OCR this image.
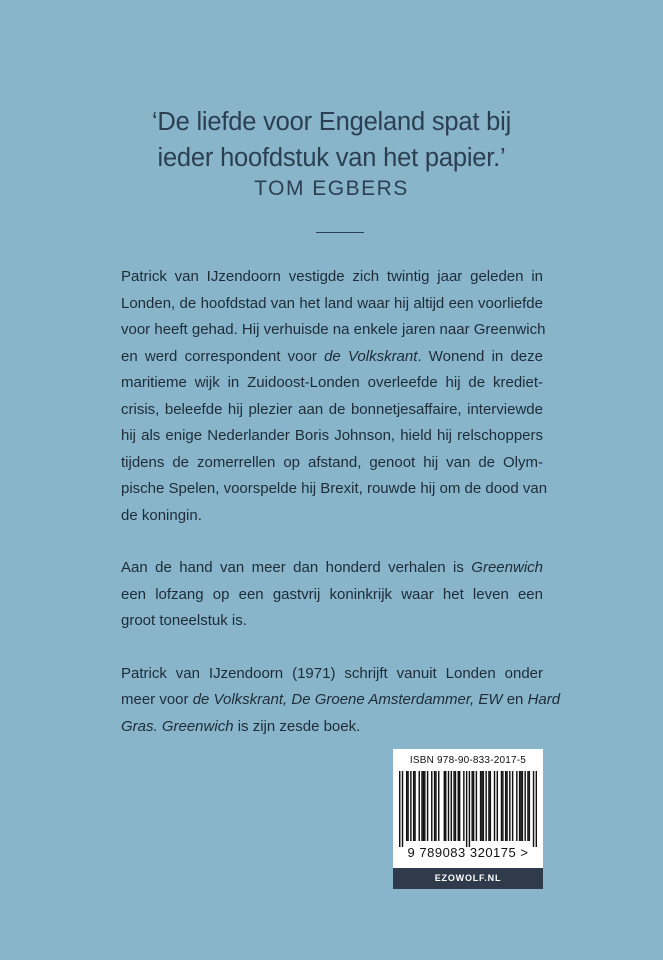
‘De liefde voor Engeland spat bij
ieder hoofdstuk van het papier.’
TOM EGBERS

Patrick van IJzendoorn vestigde zich twintig jaar geleden in
Londen, de hoofdstad van het land waar hij altijd een voorliefde
voor heeft gehad. Hij verhuisde na enkele jaren naar Greenwich
en werd correspondent voor de Volkskrant. Wonend in deze
maritieme wijk in Zuidoost-Londen overleefde hij de krediet-
crisis, beleefde hij plezier aan de bonnetjesaffaire, interviewde
hij als enige Nederlander Boris Johnson, hield hij relschoppers
tijdens de zomerrellen op afstand, genoot hij van de Olym-
pische Spelen, voorspelde hij Brexit, rouwde hij om de dood van
de koningin.

Aan de hand van meer dan honderd verhalen is Greenwich
een lofzang op een gastvrij koninkrijk waar het leven een
groot toneelstuk is.

Patrick van IJzendoorn (1971) schrijft vanuit Londen onder
meer voor de Volkskrant, De Groene Amsterdammer, EW en Hard
Gras. Greenwich is zijn zesde boek.

ISBN 978-90-833-2017-5
9 789083 320175 >
EZOWOLF.NL
